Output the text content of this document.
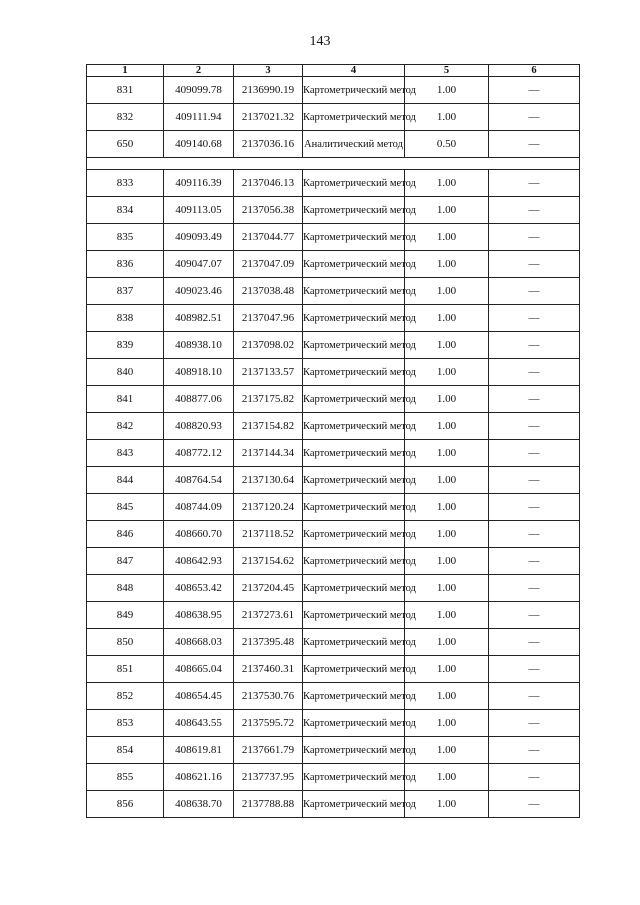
143
1	2	3	4	5	6
831	409099.78	2136990.19	Картометрический метод	1.00	—
832	409111.94	2137021.32	Картометрический метод	1.00	—
650	409140.68	2137036.16	Аналитический метод	0.50	—

833	409116.39	2137046.13	Картометрический метод	1.00	—
834	409113.05	2137056.38	Картометрический метод	1.00	—
835	409093.49	2137044.77	Картометрический метод	1.00	—
836	409047.07	2137047.09	Картометрический метод	1.00	—
837	409023.46	2137038.48	Картометрический метод	1.00	—
838	408982.51	2137047.96	Картометрический метод	1.00	—
839	408938.10	2137098.02	Картометрический метод	1.00	—
840	408918.10	2137133.57	Картометрический метод	1.00	—
841	408877.06	2137175.82	Картометрический метод	1.00	—
842	408820.93	2137154.82	Картометрический метод	1.00	—
843	408772.12	2137144.34	Картометрический метод	1.00	—
844	408764.54	2137130.64	Картометрический метод	1.00	—
845	408744.09	2137120.24	Картометрический метод	1.00	—
846	408660.70	2137118.52	Картометрический метод	1.00	—
847	408642.93	2137154.62	Картометрический метод	1.00	—
848	408653.42	2137204.45	Картометрический метод	1.00	—
849	408638.95	2137273.61	Картометрический метод	1.00	—
850	408668.03	2137395.48	Картометрический метод	1.00	—
851	408665.04	2137460.31	Картометрический метод	1.00	—
852	408654.45	2137530.76	Картометрический метод	1.00	—
853	408643.55	2137595.72	Картометрический метод	1.00	—
854	408619.81	2137661.79	Картометрический метод	1.00	—
855	408621.16	2137737.95	Картометрический метод	1.00	—
856	408638.70	2137788.88	Картометрический метод	1.00	—
